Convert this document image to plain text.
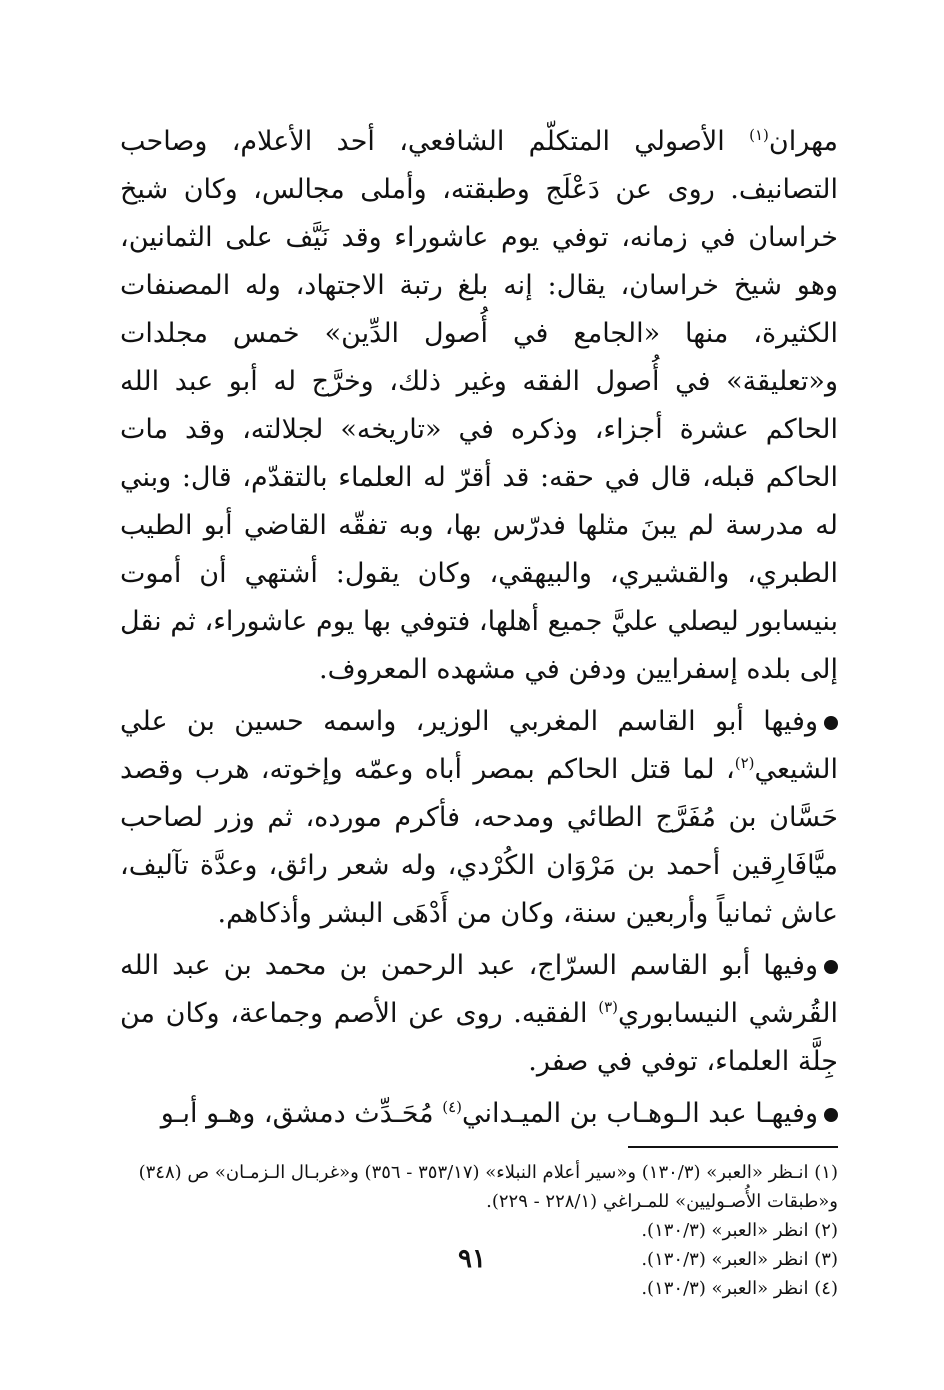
مهران$^{(١)}$ الأصولي المتكلّم الشافعي، أحد الأعلام، وصاحب التصانيف. روى عن دَعْلَج وطبقته، وأملى مجالس، وكان شيخ خراسان في زمانه، توفي يوم عاشوراء وقد نَيَّف على الثمانين، وهو شيخ خراسان، يقال: إنه بلغ رتبة الاجتهاد، وله المصنفات الكثيرة، منها «الجامع في أُصول الدِّين» خمس مجلدات و«تعليقة» في أُصول الفقه وغير ذلك، وخرَّج له أبو عبد الله الحاكم عشرة أجزاء، وذكره في «تاريخه» لجلالته، وقد مات الحاكم قبله، قال في حقه: قد أقرّ له العلماء بالتقدّم، قال: وبني له مدرسة لم يبنَ مثلها فدرّس بها، وبه تفقّه القاضي أبو الطيب الطبري، والقشيري، والبيهقي، وكان يقول: أشتهي أن أموت بنيسابور ليصلي عليَّ جميع أهلها، فتوفي بها يوم عاشوراء، ثم نقل إلى بلده إسفرايين ودفن في مشهده المعروف.

وفيها أبو القاسم المغربي الوزير، واسمه حسين بن علي الشيعي$^{(٢)}$، لما قتل الحاكم بمصر أباه وعمّه وإخوته، هرب وقصد حَسَّان بن مُفَرَّج الطائي ومدحه، فأكرم مورده، ثم وزر لصاحب ميَّافَارِقين أحمد بن مَرْوَان الكُرْدي، وله شعر رائق، وعدَّة تآليف، عاش ثمانياً وأربعين سنة، وكان من أَدْهَى البشر وأذكاهم.

وفيها أبو القاسم السرّاج، عبد الرحمن بن محمد بن عبد الله القُرشي النيسابوري$^{(٣)}$ الفقيه. روى عن الأصم وجماعة، وكان من جِلَّة العلماء، توفي في صفر.

وفيهـا عبد الـوهـاب بن الميـداني$^{(٤)}$ مُحَـدِّث دمشق، وهـو أبـو

(١) انـظر «العبر» (١٣٠/٣) و«سير أعلام النبلاء» (٣٥٣/١٧ - ٣٥٦) و«غربـال الـزمـان» ص (٣٤٨) و«طبقات الأُصـوليين» للمـراغي (٢٢٨/١ - ٢٢٩).

(٢) انظر «العبر» (١٣٠/٣).

(٣) انظر «العبر» (١٣٠/٣).

(٤) انظر «العبر» (١٣٠/٣).

٩١
